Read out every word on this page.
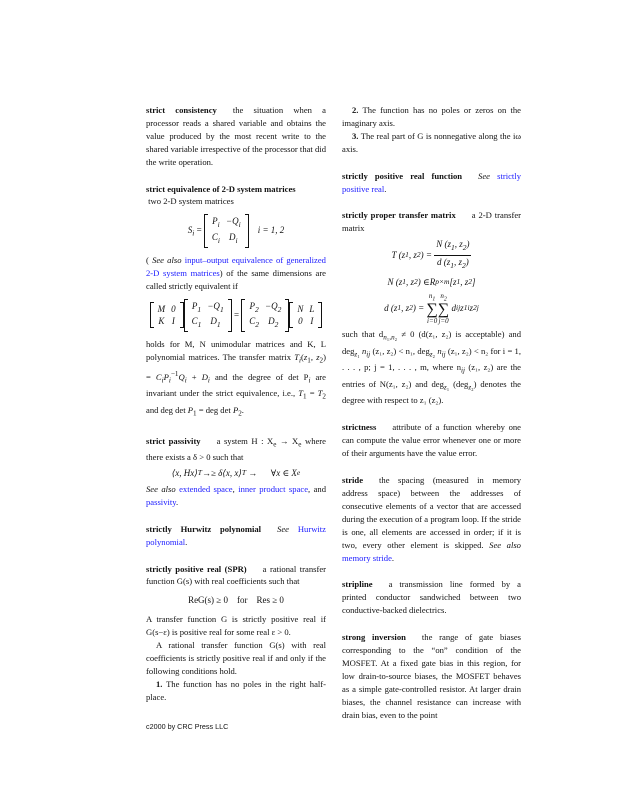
strict consistency the situation when a processor reads a shared variable and obtains the value produced by the most recent write to the shared variable irrespective of the processor that did the write operation.

strict equivalence of 2-D system matrices

two 2-D system matrices

$S_i$ =
$P_i$	$-Q_i$
$C_i$	$D_i$
i = 1, 2

( See also input–output equivalence of generalized 2-D system matrices) of the same dimensions are called strictly equivalent if

M	0
K	I
$P_1$	$-Q_1$
$C_1$	$D_1$
=
$P_2$	$-Q_2$
$C_2$	$D_2$
N	L
0	I

holds for M, N unimodular matrices and K, L polynomial matrices. The transfer matrix $T_i(z_1$, $z_2) = C_iP_i^{-1}Q_i + D_i$ and the degree of $\det P_i$ are invariant under the strict equivalence, i.e., $T_1 = T_2$ and deg $\det P_1$ = deg $\det P_2$.

strict passivity a system H : $X_e \to X_e$ where there exists a δ > 0 such that

⟨x, Hx⟩ T →≥ δ⟨x, x⟩ T
→
∀x ∈ X e

See also extended space, inner product space, and passivity.

strictly Hurwitz polynomial See Hurwitz polynomial.

strictly positive real (SPR) a rational transfer function G(s) with real coefficients such that

ReG(s) ≥ 0    for    Res ≥ 0

A transfer function G is strictly positive real if G(s−ε) is positive real for some real ε > 0.

A rational transfer function G(s) with real coefficients is strictly positive real if and only if the following conditions hold.

1. The function has no poles in the right half-place.

2. The function has no poles or zeros on the imaginary axis.

3. The real part of G is nonnegative along the iω axis.

strictly positive real function See strictly positive real.

strictly proper transfer matrix a 2-D transfer matrix

T (z 1 , z 2 ) = $\frac{N (z_1, z_2)}{d (z_1, z_2)}$
N (z 1 , z 2 ) ∈ R p×m [z 1 , z 2 ]
d (z 1 , z 2 ) =
$n_1$
∑
i=0
$n_2$
∑
j=0
d ij z 1 i z 2 j

such that $d_{n_1,n_2} \ne 0$ (d(z₁, z₂) is acceptable) and deg$_{z_1}$ $n_{ij}$ (z₁, z₂) < n₁, deg$_{z_2}$ $n_{ij}$ (z₁, z₂) < n₂ for i = 1, . . . , p; j = 1, . . . , m, where $n_{ij}$ (z₁, z₂) are the entries of N(z₁, z₂) and deg$_{z_1}$ (deg$_{z_2}$) denotes the degree with respect to z₁ (z₂).

strictness attribute of a function whereby one can compute the value error whenever one or more of their arguments have the value error.

stride the spacing (measured in memory address space) between the addresses of consecutive elements of a vector that are accessed during the execution of a program loop. If the stride is one, all elements are accessed in order; if it is two, every other element is skipped. See also memory stride.

stripline a transmission line formed by a printed conductor sandwiched between two conductive-backed dielectrics.

strong inversion the range of gate biases corresponding to the “on” condition of the MOSFET. At a fixed gate bias in this region, for low drain-to-source biases, the MOSFET behaves as a simple gate-controlled resistor. At larger drain biases, the channel resistance can increase with drain bias, even to the point

c2000 by CRC Press LLC
